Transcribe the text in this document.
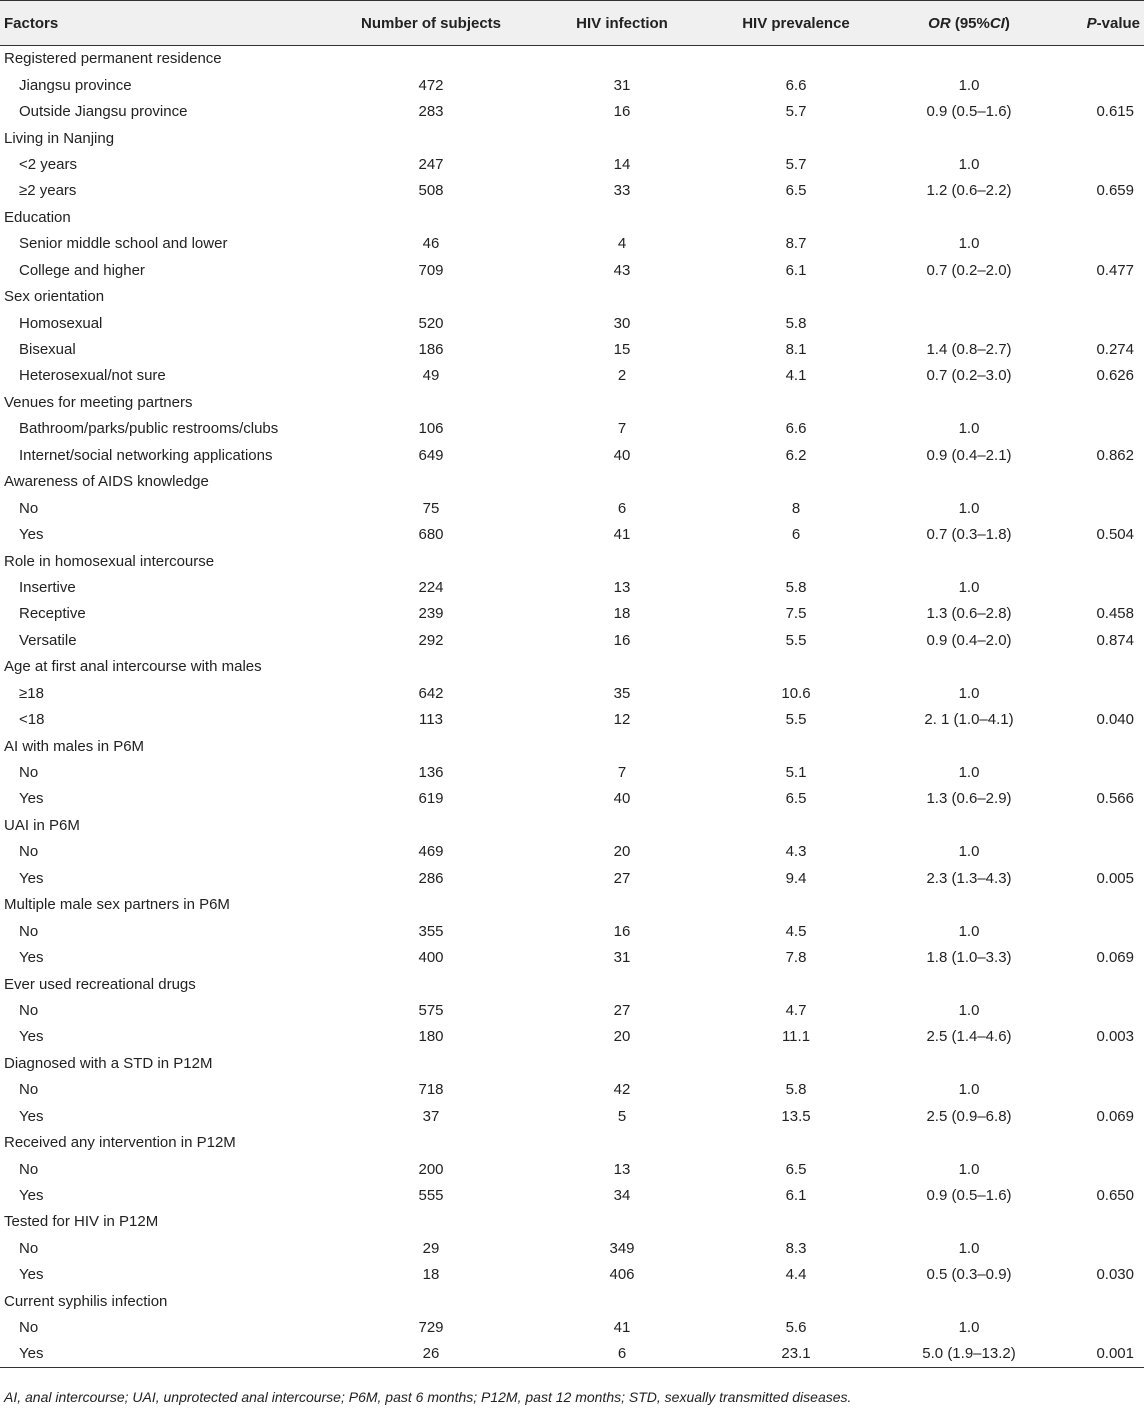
Factors	Number of subjects	HIV infection	HIV prevalence	OR (95%CI)	P-value
Registered permanent residence					
Jiangsu province	472	31	6.6	1.0	
Outside Jiangsu province	283	16	5.7	0.9 (0.5–1.6)	0.615
Living in Nanjing					
<2 years	247	14	5.7	1.0	
≥2 years	508	33	6.5	1.2 (0.6–2.2)	0.659
Education					
Senior middle school and lower	46	4	8.7	1.0	
College and higher	709	43	6.1	0.7 (0.2–2.0)	0.477
Sex orientation					
Homosexual	520	30	5.8		
Bisexual	186	15	8.1	1.4 (0.8–2.7)	0.274
Heterosexual/not sure	49	2	4.1	0.7 (0.2–3.0)	0.626
Venues for meeting partners					
Bathroom/parks/public restrooms/clubs	106	7	6.6	1.0	
Internet/social networking applications	649	40	6.2	0.9 (0.4–2.1)	0.862
Awareness of AIDS knowledge					
No	75	6	8	1.0	
Yes	680	41	6	0.7 (0.3–1.8)	0.504
Role in homosexual intercourse					
Insertive	224	13	5.8	1.0	
Receptive	239	18	7.5	1.3 (0.6–2.8)	0.458
Versatile	292	16	5.5	0.9 (0.4–2.0)	0.874
Age at first anal intercourse with males					
≥18	642	35	10.6	1.0	
<18	113	12	5.5	2. 1 (1.0–4.1)	0.040
AI with males in P6M					
No	136	7	5.1	1.0	
Yes	619	40	6.5	1.3 (0.6–2.9)	0.566
UAI in P6M					
No	469	20	4.3	1.0	
Yes	286	27	9.4	2.3 (1.3–4.3)	0.005
Multiple male sex partners in P6M					
No	355	16	4.5	1.0	
Yes	400	31	7.8	1.8 (1.0–3.3)	0.069
Ever used recreational drugs					
No	575	27	4.7	1.0	
Yes	180	20	11.1	2.5 (1.4–4.6)	0.003
Diagnosed with a STD in P12M					
No	718	42	5.8	1.0	
Yes	37	5	13.5	2.5 (0.9–6.8)	0.069
Received any intervention in P12M					
No	200	13	6.5	1.0	
Yes	555	34	6.1	0.9 (0.5–1.6)	0.650
Tested for HIV in P12M					
No	29	349	8.3	1.0	
Yes	18	406	4.4	0.5 (0.3–0.9)	0.030
Current syphilis infection					
No	729	41	5.6	1.0	
Yes	26	6	23.1	5.0 (1.9–13.2)	0.001
AI, anal intercourse; UAI, unprotected anal intercourse; P6M, past 6 months; P12M, past 12 months; STD, sexually transmitted diseases.
